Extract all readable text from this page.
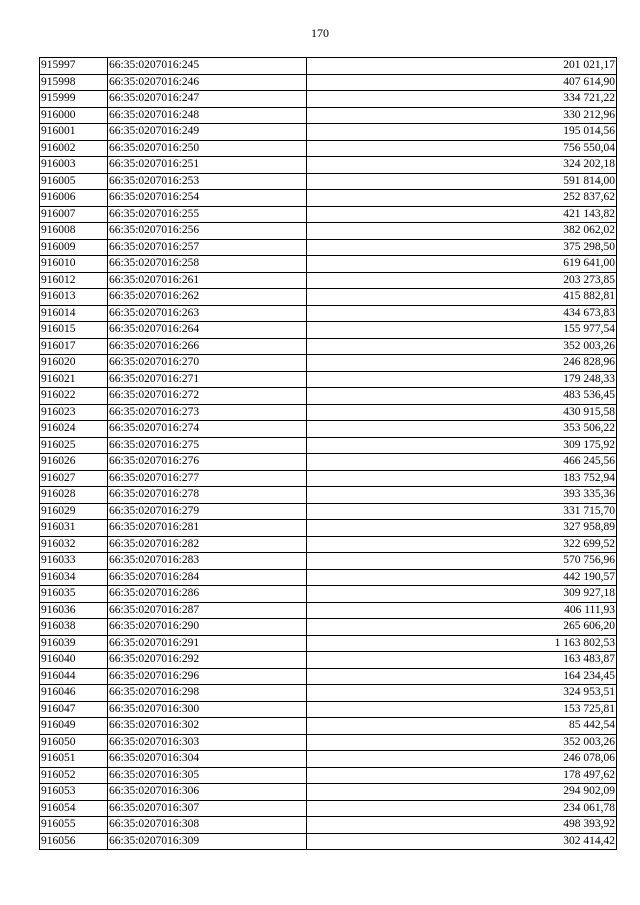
170
915997	66:35:0207016:245	201 021,17
915998	66:35:0207016:246	407 614,90
915999	66:35:0207016:247	334 721,22
916000	66:35:0207016:248	330 212,96
916001	66:35:0207016:249	195 014,56
916002	66:35:0207016:250	756 550,04
916003	66:35:0207016:251	324 202,18
916005	66:35:0207016:253	591 814,00
916006	66:35:0207016:254	252 837,62
916007	66:35:0207016:255	421 143,82
916008	66:35:0207016:256	382 062,02
916009	66:35:0207016:257	375 298,50
916010	66:35:0207016:258	619 641,00
916012	66:35:0207016:261	203 273,85
916013	66:35:0207016:262	415 882,81
916014	66:35:0207016:263	434 673,83
916015	66:35:0207016:264	155 977,54
916017	66:35:0207016:266	352 003,26
916020	66:35:0207016:270	246 828,96
916021	66:35:0207016:271	179 248,33
916022	66:35:0207016:272	483 536,45
916023	66:35:0207016:273	430 915,58
916024	66:35:0207016:274	353 506,22
916025	66:35:0207016:275	309 175,92
916026	66:35:0207016:276	466 245,56
916027	66:35:0207016:277	183 752,94
916028	66:35:0207016:278	393 335,36
916029	66:35:0207016:279	331 715,70
916031	66:35:0207016:281	327 958,89
916032	66:35:0207016:282	322 699,52
916033	66:35:0207016:283	570 756,96
916034	66:35:0207016:284	442 190,57
916035	66:35:0207016:286	309 927,18
916036	66:35:0207016:287	406 111,93
916038	66:35:0207016:290	265 606,20
916039	66:35:0207016:291	1 163 802,53
916040	66:35:0207016:292	163 483,87
916044	66:35:0207016:296	164 234,45
916046	66:35:0207016:298	324 953,51
916047	66:35:0207016:300	153 725,81
916049	66:35:0207016:302	85 442,54
916050	66:35:0207016:303	352 003,26
916051	66:35:0207016:304	246 078,06
916052	66:35:0207016:305	178 497,62
916053	66:35:0207016:306	294 902,09
916054	66:35:0207016:307	234 061,78
916055	66:35:0207016:308	498 393,92
916056	66:35:0207016:309	302 414,42
